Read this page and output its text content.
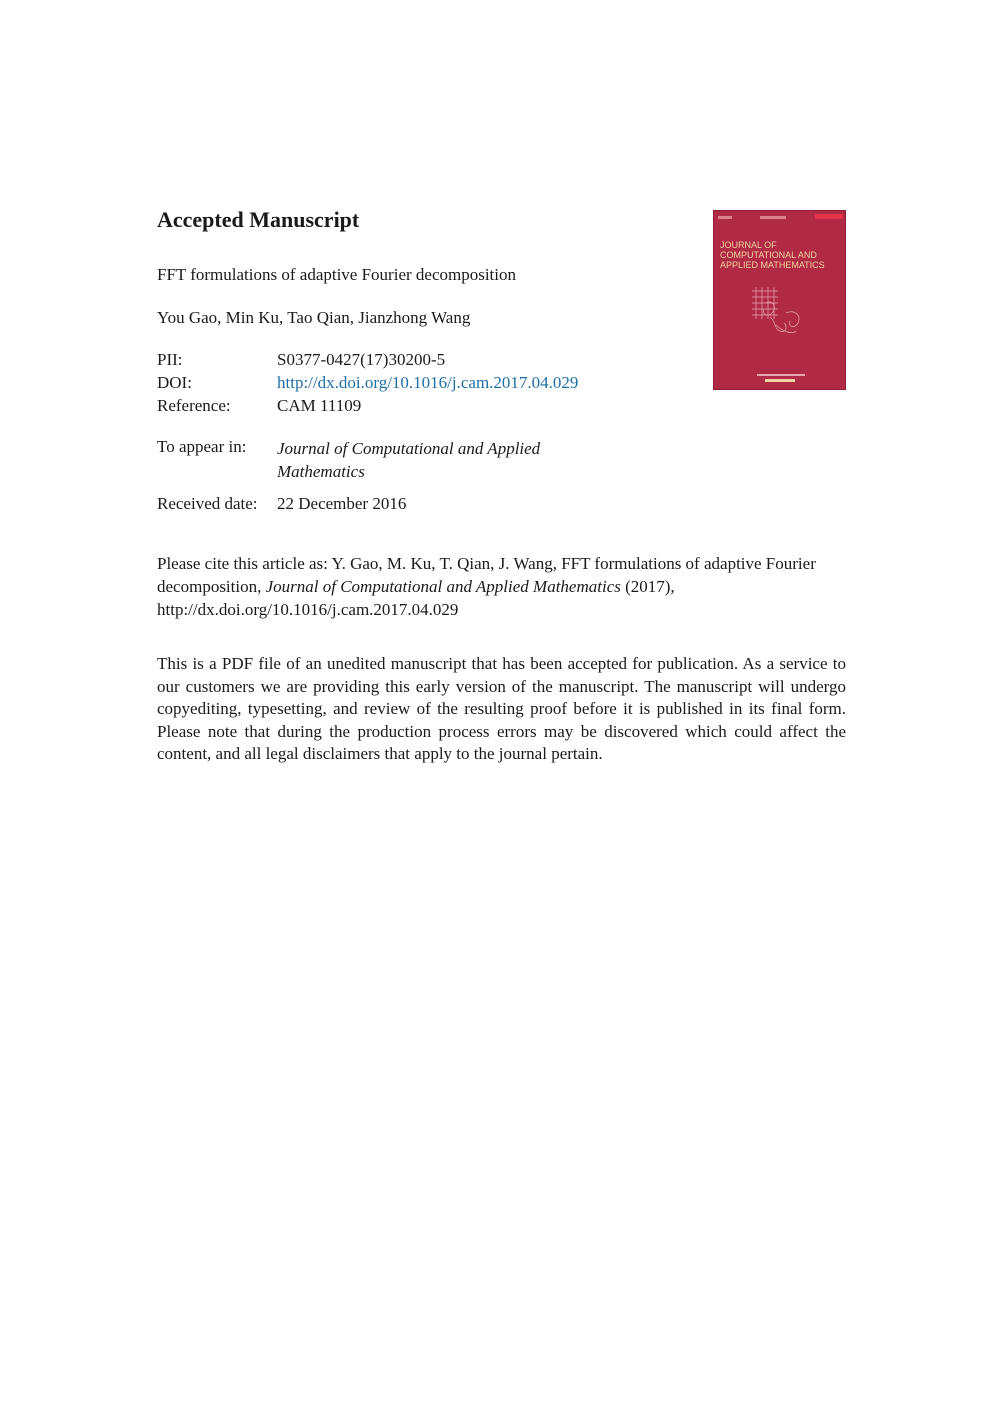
Accepted Manuscript

FFT formulations of adaptive Fourier decomposition

You Gao, Min Ku, Tao Qian, Jianzhong Wang

PII:	S0377-0427(17)30200-5
DOI:	http://dx.doi.org/10.1016/j.cam.2017.04.029
Reference:	CAM 11109
To appear in: Journal of Computational and Applied Mathematics
Received date: 22 December 2016

Please cite this article as: Y. Gao, M. Ku, T. Qian, J. Wang, FFT formulations of adaptive Fourier decomposition, Journal of Computational and Applied Mathematics (2017), http://dx.doi.org/10.1016/j.cam.2017.04.029

This is a PDF file of an unedited manuscript that has been accepted for publication. As a service to our customers we are providing this early version of the manuscript. The manuscript will undergo copyediting, typesetting, and review of the resulting proof before it is published in its final form. Please note that during the production process errors may be discovered which could affect the content, and all legal disclaimers that apply to the journal pertain.

JOURNAL OF COMPUTATIONAL AND APPLIED MATHEMATICS
